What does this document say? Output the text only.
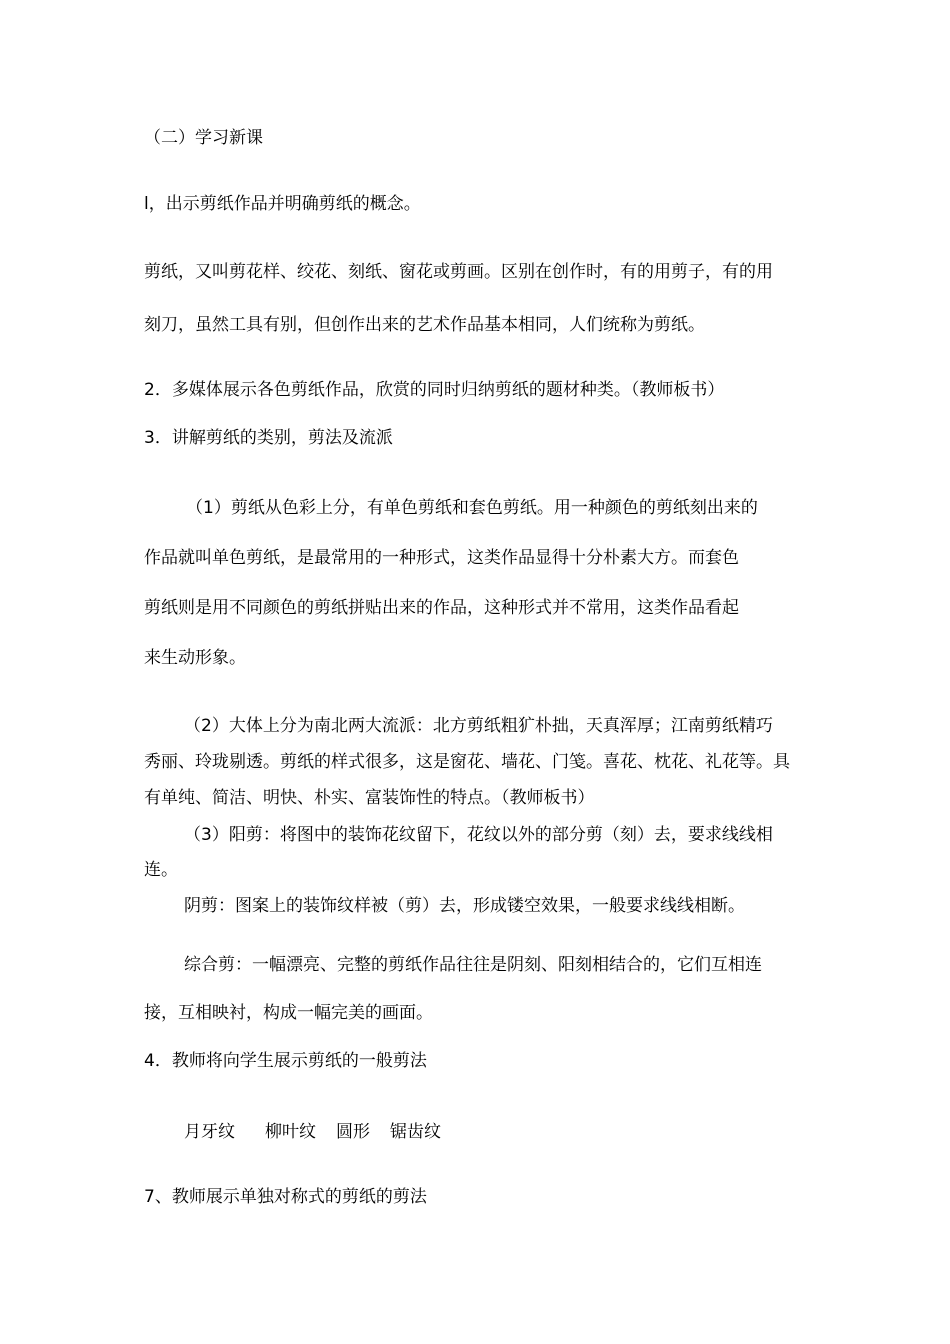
（二）学习新课
l，出示剪纸作品并明确剪纸的概念。
剪纸，又叫剪花样、绞花、刻纸、窗花或剪画。区别在创作时，有的用剪子，有的用
刻刀，虽然工具有别，但创作出来的艺术作品基本相同，人们统称为剪纸。
2．多媒体展示各色剪纸作品，欣赏的同时归纳剪纸的题材种类。（教师板书）
3．讲解剪纸的类别，剪法及流派
（1）剪纸从色彩上分，有单色剪纸和套色剪纸。用一种颜色的剪纸刻出来的
作品就叫单色剪纸，是最常用的一种形式，这类作品显得十分朴素大方。而套色
剪纸则是用不同颜色的剪纸拼贴出来的作品，这种形式并不常用，这类作品看起
来生动形象。
（2）大体上分为南北两大流派：北方剪纸粗犷朴拙，天真浑厚；江南剪纸精巧
秀丽、玲珑剔透。剪纸的样式很多，这是窗花、墙花、门笺。喜花、枕花、礼花等。具
有单纯、简洁、明快、朴实、富装饰性的特点。（教师板书）
（3）阳剪：将图中的装饰花纹留下，花纹以外的部分剪（刻）去，要求线线相
连。
阴剪：图案上的装饰纹样被（剪）去，形成镂空效果，一般要求线线相断。
综合剪：一幅漂亮、完整的剪纸作品往往是阴刻、阳刻相结合的，它们互相连
接，互相映衬，构成一幅完美的画面。
4．教师将向学生展示剪纸的一般剪法
月牙纹 柳叶纹 圆形 锯齿纹
7、教师展示单独对称式的剪纸的剪法
